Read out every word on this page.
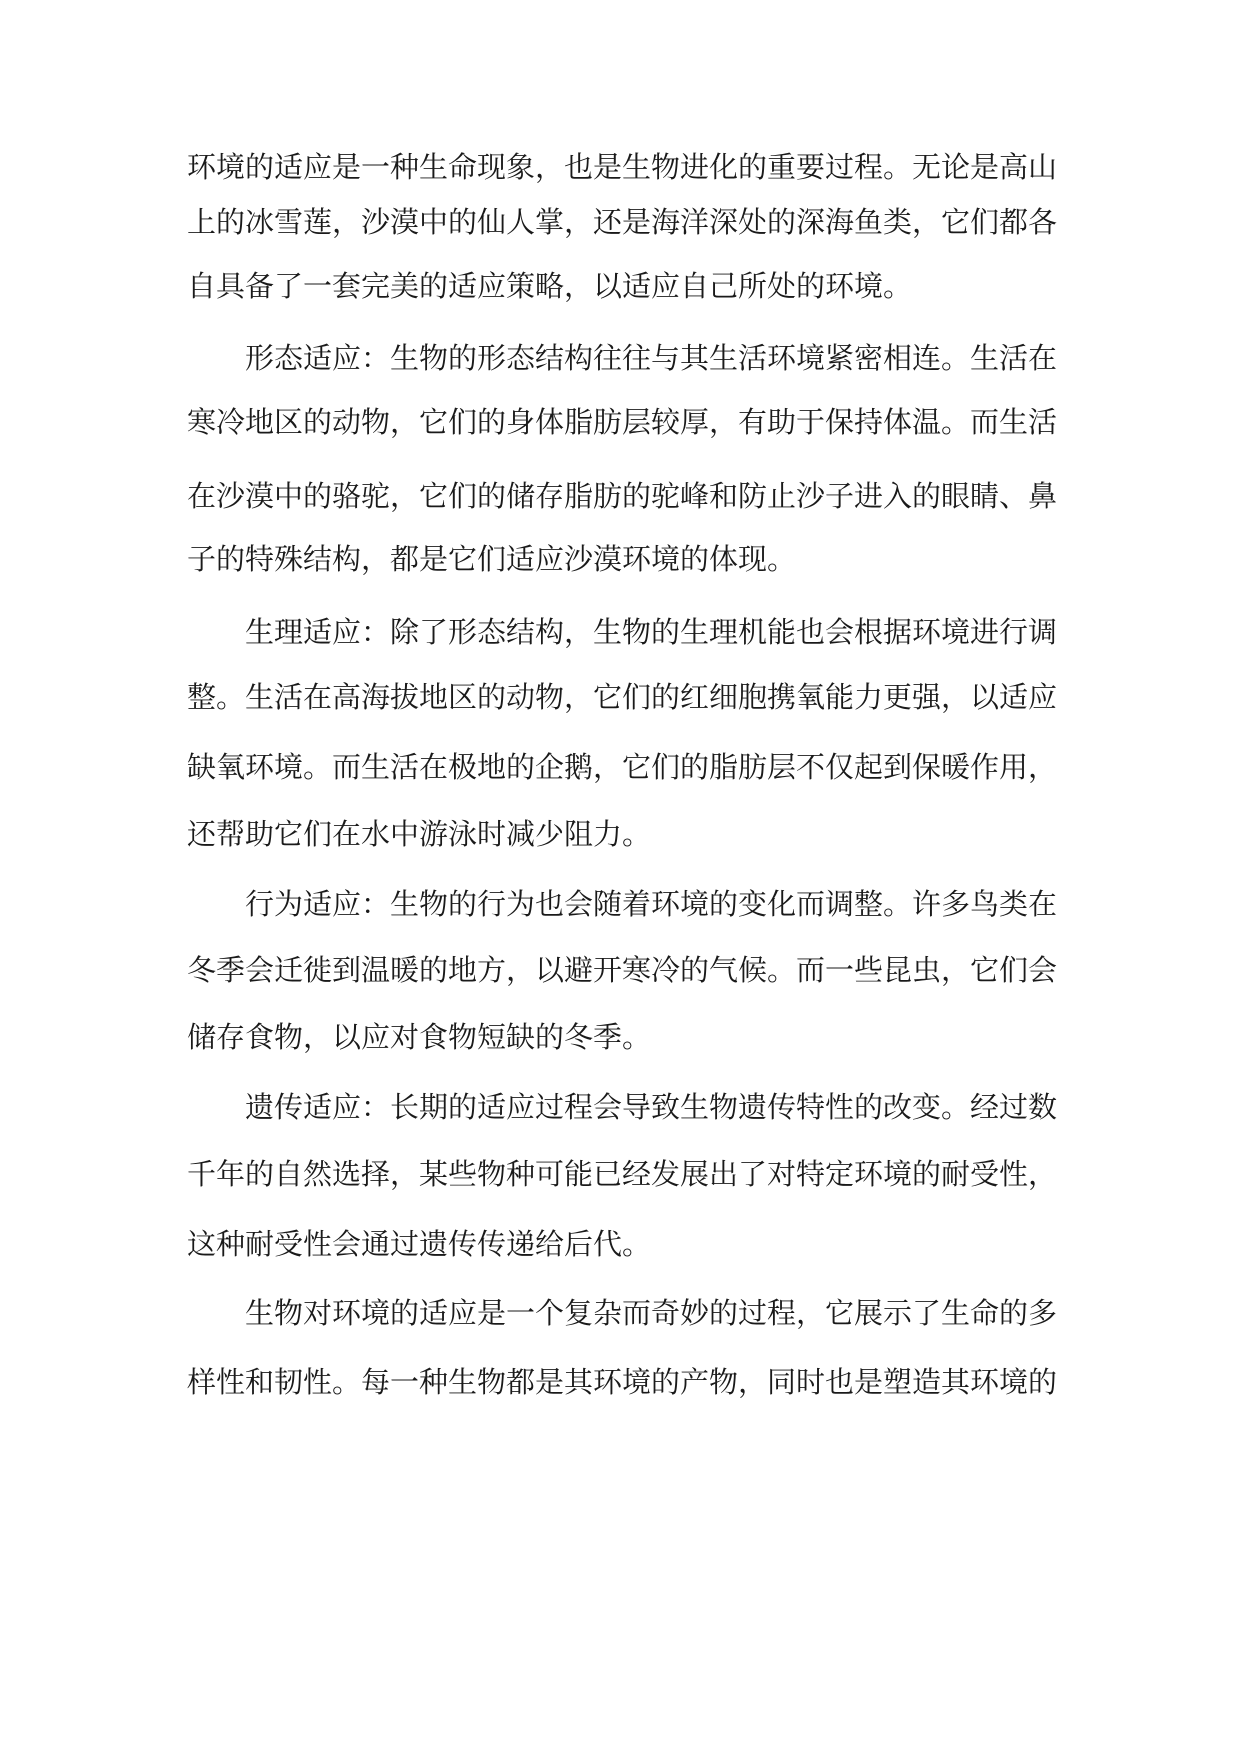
环境的适应是一种生命现象，也是生物进化的重要过程。无论是高山

上的冰雪莲，沙漠中的仙人掌，还是海洋深处的深海鱼类，它们都各

自具备了一套完美的适应策略，以适应自己所处的环境。

形态适应：生物的形态结构往往与其生活环境紧密相连。生活在

寒冷地区的动物，它们的身体脂肪层较厚，有助于保持体温。而生活

在沙漠中的骆驼，它们的储存脂肪的驼峰和防止沙子进入的眼睛、鼻

子的特殊结构，都是它们适应沙漠环境的体现。

生理适应：除了形态结构，生物的生理机能也会根据环境进行调

整。生活在高海拔地区的动物，它们的红细胞携氧能力更强，以适应

缺氧环境。而生活在极地的企鹅，它们的脂肪层不仅起到保暖作用，

还帮助它们在水中游泳时减少阻力。

行为适应：生物的行为也会随着环境的变化而调整。许多鸟类在

冬季会迁徙到温暖的地方，以避开寒冷的气候。而一些昆虫，它们会

储存食物，以应对食物短缺的冬季。

遗传适应：长期的适应过程会导致生物遗传特性的改变。经过数

千年的自然选择，某些物种可能已经发展出了对特定环境的耐受性，

这种耐受性会通过遗传传递给后代。

生物对环境的适应是一个复杂而奇妙的过程，它展示了生命的多

样性和韧性。每一种生物都是其环境的产物，同时也是塑造其环境的
